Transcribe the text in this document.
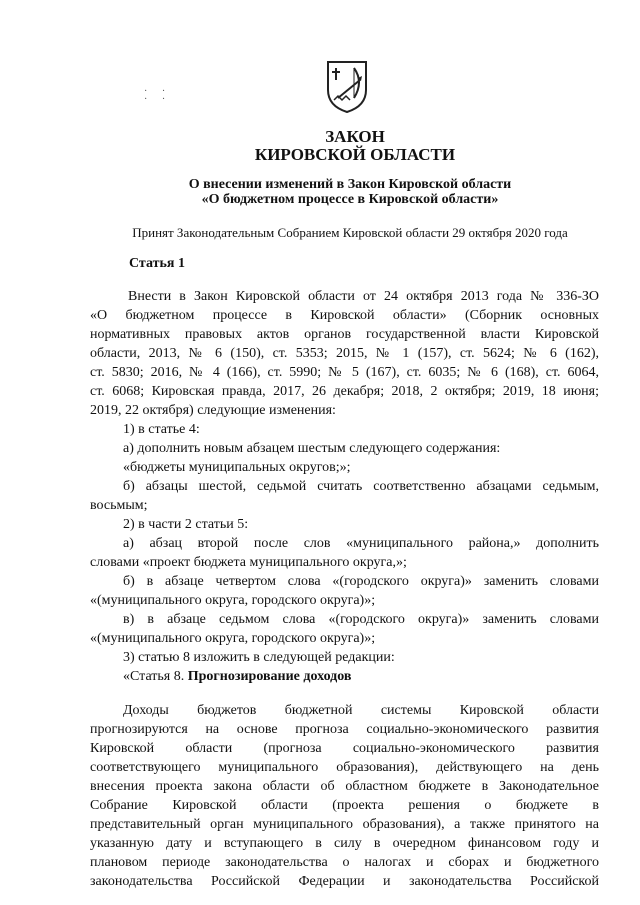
· ·
· ·
ЗАКОН
КИРОВСКОЙ ОБЛАСТИ
О внесении изменений в Закон Кировской области
«О бюджетном процессе в Кировской области»
Принят Законодательным Собранием Кировской области 29 октября 2020 года
Статья 1
Внести в Закон Кировской области от 24 октября 2013 года № 336-ЗО
«О бюджетном процессе в Кировской области» (Сборник основных
нормативных правовых актов органов государственной власти Кировской
области, 2013, № 6 (150), ст. 5353; 2015, № 1 (157), ст. 5624; № 6 (162),
ст. 5830; 2016, № 4 (166), ст. 5990; № 5 (167), ст. 6035; № 6 (168), ст. 6064,
ст. 6068; Кировская правда, 2017, 26 декабря; 2018, 2 октября; 2019, 18 июня;
2019, 22 октября) следующие изменения:
1) в статье 4:
а) дополнить новым абзацем шестым следующего содержания:
«бюджеты муниципальных округов;»;
б) абзацы шестой, седьмой считать соответственно абзацами седьмым,
восьмым;
2) в части 2 статьи 5:
а) абзац второй после слов «муниципального района,» дополнить
словами «проект бюджета муниципального округа,»;
б) в абзаце четвертом слова «(городского округа)» заменить словами
«(муниципального округа, городского округа)»;
в) в абзаце седьмом слова «(городского округа)» заменить словами
«(муниципального округа, городского округа)»;
3) статью 8 изложить в следующей редакции:
«Статья 8. Прогнозирование доходов
Доходы бюджетов бюджетной системы Кировской области
прогнозируются на основе прогноза социально-экономического развития
Кировской области (прогноза социально-экономического развития
соответствующего муниципального образования), действующего на день
внесения проекта закона области об областном бюджете в Законодательное
Собрание Кировской области (проекта решения о бюджете в
представительный орган муниципального образования), а также принятого на
указанную дату и вступающего в силу в очередном финансовом году и
плановом периоде законодательства о налогах и сборах и бюджетного
законодательства Российской Федерации и законодательства Российской
